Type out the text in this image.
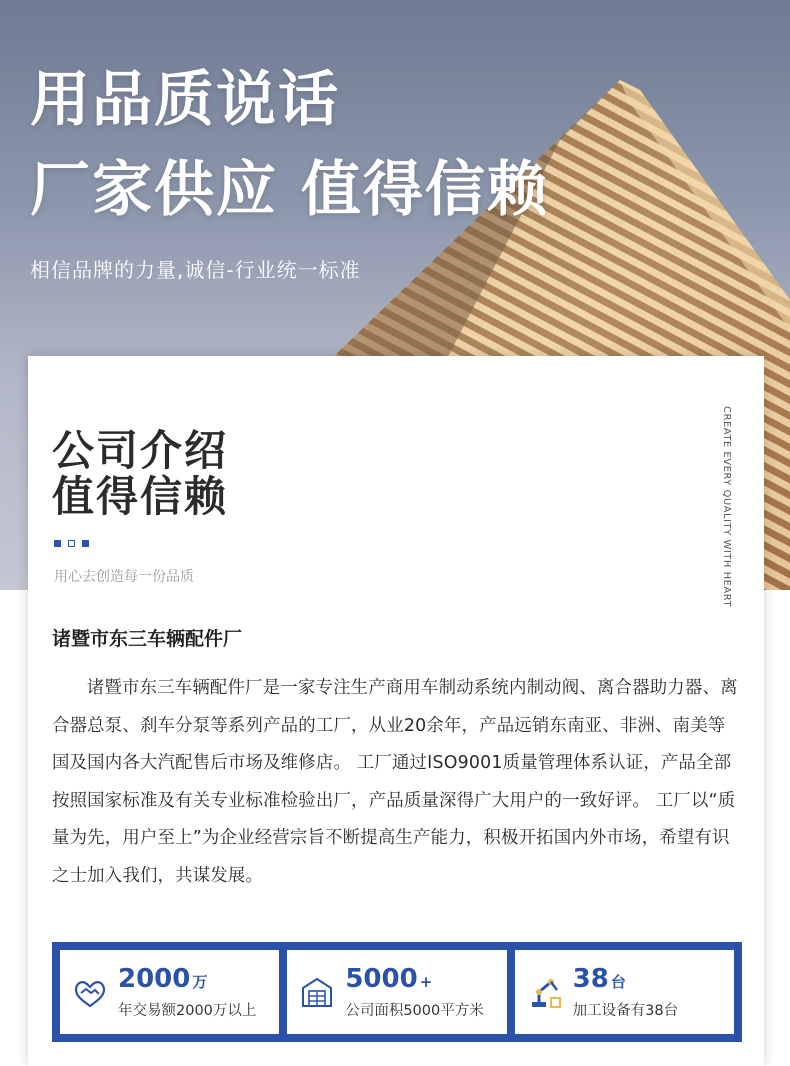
用品质说话
厂家供应 值得信赖
相信品牌的力量,诚信-行业统一标准
公司介绍
值得信赖	CREATE EVERY QUALITY WITH HEART
用心去创造每一份品质
诸暨市东三车辆配件厂

诸暨市东三车辆配件厂是一家专注生产商用车制动系统内制动阀、离合器助力器、离合器总泵、刹车分泵等系列产品的工厂，从业20余年，产品远销东南亚、非洲、南美等国及国内各大汽配售后市场及维修店。 工厂通过ISO9001质量管理体系认证，产品全部按照国家标准及有关专业标准检验出厂，产品质量深得广大用户的一致好评。 工厂以“质量为先，用户至上”为企业经营宗旨不断提高生产能力，积极开拓国内外市场，希望有识之士加入我们，共谋发展。

2000 万
年交易额2000万以上
5000 +
公司面积5000平方米
38 台
加工设备有38台
